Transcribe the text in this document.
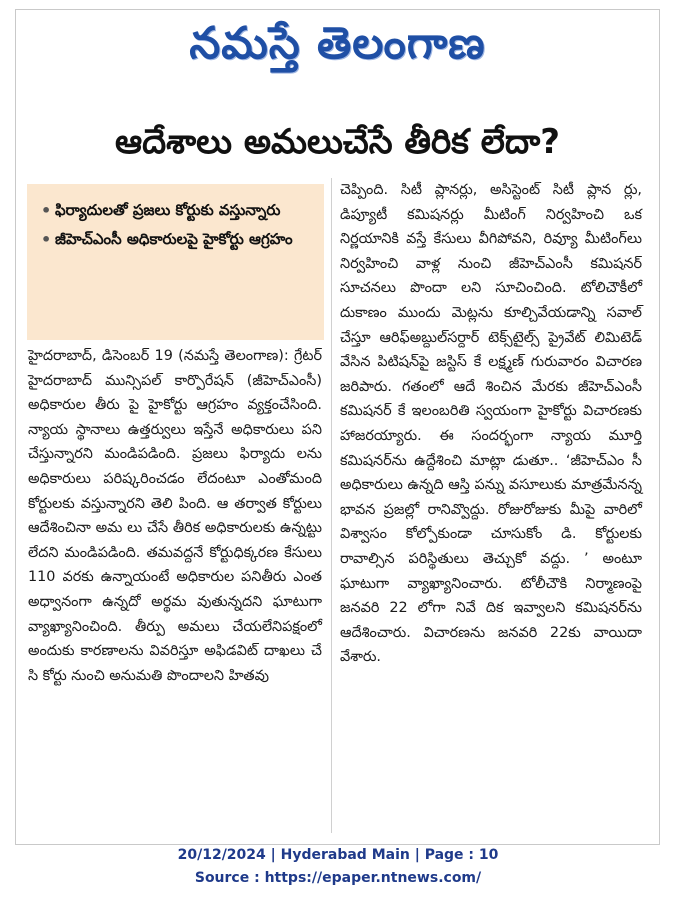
నమస్తే తెలంగాణ
ఆదేశాలు అమలుచేసే తీరిక లేదా?
• ఫిర్యాదులతో ప్రజలు కోర్టుకు వస్తున్నారు
• జీహెచ్‌ఎంసీ అధికారులపై హైకోర్టు ఆగ్రహం
హైదరాబాద్, డిసెంబర్ 19 (నమస్తే తెలంగాణ): గ్రేటర్ హైదరాబాద్ మున్సిపల్ కార్పొరేషన్ (జీహెచ్‌ఎంసీ) అధికారుల తీరు పై హైకోర్టు ఆగ్రహం వ్యక్తంచేసింది. న్యాయ స్థానాలు ఉత్తర్వులు ఇస్తేనే అధికారులు పని చేస్తున్నారని మండిపడింది. ప్రజలు ఫిర్యాదు లను అధికారులు పరిష్కరించడం లేదంటూ ఎంతోమంది కోర్టులకు వస్తున్నారని తెలి పింది. ఆ తర్వాత కోర్టులు ఆదేశించినా అమ లు చేసే తీరిక అధికారులకు ఉన్నట్టు లేదని మండిపడింది. తమవద్దనే కోర్టుధిక్కరణ కేసులు 110 వరకు ఉన్నాయంటే అధికారుల పనితీరు ఎంత అధ్వానంగా ఉన్నదో అర్థమ వుతున్నదని ఘాటుగా వ్యాఖ్యానించింది. తీర్పు అమలు చేయలేనిపక్షంలో అందుకు కారణాలను వివరిస్తూ అఫిడవిట్ దాఖలు చే సి కోర్టు నుంచి అనుమతి పొందాలని హితవు
చెప్పింది. సిటీ ప్లానర్లు, అసిస్టెంట్ సిటీ ప్లాన ర్లు, డిప్యూటీ కమిషనర్లు మీటింగ్ నిర్వహించి ఒక నిర్ణయానికి వస్తే కేసులు వీగిపోవని, రివ్యూ మీటింగ్‌లు నిర్వహించి వాళ్ల నుంచి జీహెచ్‌ఎంసీ కమిషనర్ సూచనలు పొందా లని సూచించింది. టోలిచౌకీలో దుకాణం ముందు మెట్లను కూల్చివేయడాన్ని సవాల్ చేస్తూ ఆరిఫ్‌అబ్దుల్‌సర్దార్ టెక్స్‌టైల్స్ ప్రైవేట్ లిమిటెడ్ వేసిన పిటిషన్‌పై జస్టిస్ కే లక్ష్మణ్ గురువారం విచారణ జరిపారు. గతంలో ఆదే శించిన మేరకు జీహెచ్‌ఎంసీ కమిషనర్ కే ఇలంబరితి స్వయంగా హైకోర్టు విచారణకు హాజరయ్యారు. ఈ సందర్భంగా న్యాయ మూర్తి కమిషనర్‌ను ఉద్దేశించి మాట్లా డుతూ.. ‘జీహెచ్‌ఎం సీ అధికారులు ఉన్నది ఆస్తి పన్ను వసూలుకు మాత్రమేనన్న భావన ప్రజల్లో రానివ్వొద్దు. రోజురోజుకు మీపై వారిలో విశ్వాసం కోల్పోకుండా చూసుకోం డి. కోర్టులకు రావాల్సిన పరిస్థితులు తెచ్చుకో వద్దు. ’ అంటూ ఘాటుగా వ్యాఖ్యానించారు. టోలీచౌకి నిర్మాణంపై జనవరి 22 లోగా నివే దిక ఇవ్వాలని కమిషనర్‌ను ఆదేశించారు. విచారణను జనవరి 22కు వాయిదా వేశారు.
20/12/2024 | Hyderabad Main | Page : 10
Source : https://epaper.ntnews.com/
